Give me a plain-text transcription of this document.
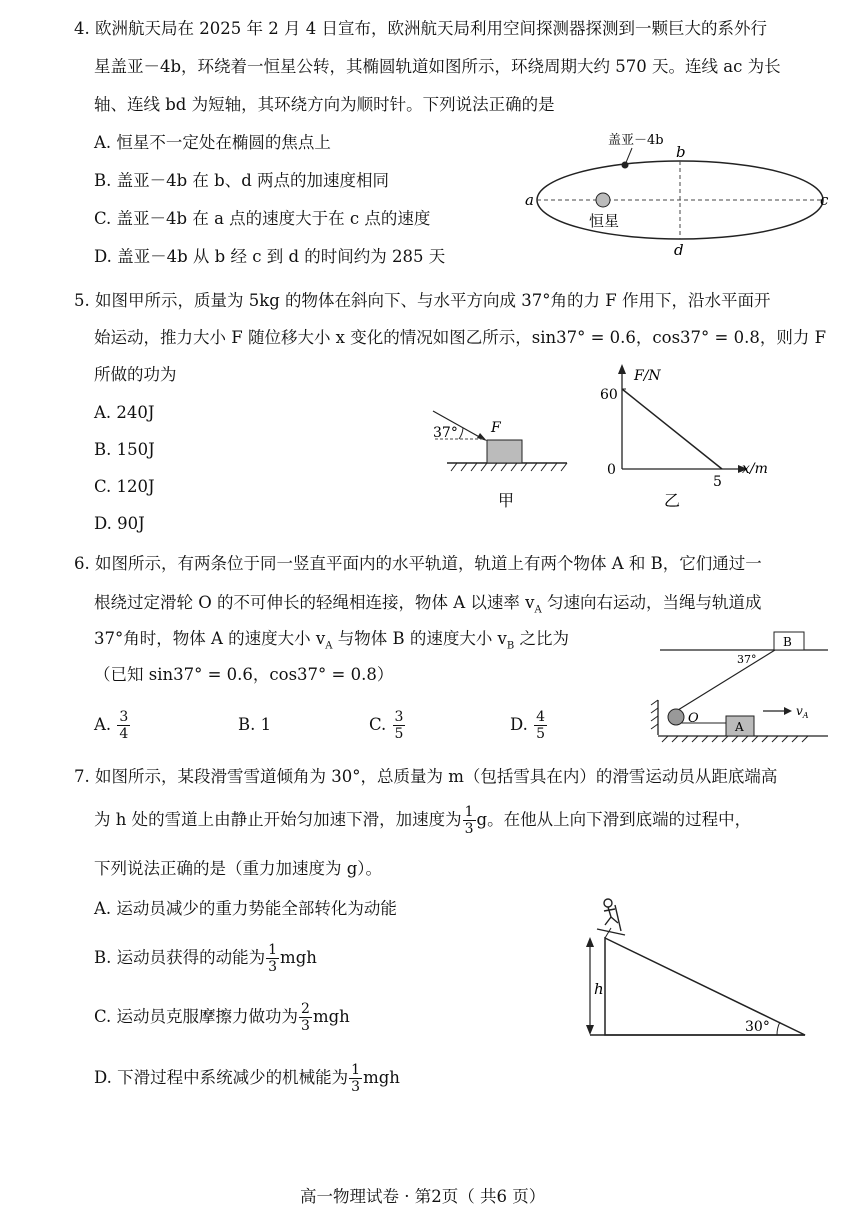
4. 欧洲航天局在 2025 年 2 月 4 日宣布，欧洲航天局利用空间探测器探测到一颗巨大的系外行
星盖亚－4b，环绕着一恒星公转，其椭圆轨道如图所示，环绕周期大约 570 天。连线 ac 为长
轴、连线 bd 为短轴，其环绕方向为顺时针。下列说法正确的是
A. 恒星不一定处在椭圆的焦点上
B. 盖亚－4b 在 b、d 两点的加速度相同
C. 盖亚－4b 在 a 点的速度大于在 c 点的速度
D. 盖亚－4b 从 b 经 c 到 d 的时间约为 285 天
盖亚－4b
b
a	c
d
恒星
5. 如图甲所示，质量为 5kg 的物体在斜向下、与水平方向成 37°角的力 F 作用下，沿水平面开
始运动，推力大小 F 随位移大小 x 变化的情况如图乙所示，sin37° = 0.6，cos37° = 0.8，则力 F
所做的功为
A. 240J
B. 150J
C. 120J
D. 90J
37° F
甲
F/N
x/m
60
0
5
乙
6. 如图所示，有两条位于同一竖直平面内的水平轨道，轨道上有两个物体 A 和 B，它们通过一
根绕过定滑轮 O 的不可伸长的轻绳相连接，物体 A 以速率 $v_A$ 匀速向右运动，当绳与轨道成
37°角时，物体 A 的速度大小 $v_A$ 与物体 B 的速度大小 $v_B$ 之比为
（已知 sin37° = 0.6，cos37° = 0.8）
A. $\frac{3}{4}$	B. 1	C. $\frac{3}{5}$	D. $\frac{4}{5}$
B
37°
O
A
$v_A$
7. 如图所示，某段滑雪雪道倾角为 30°，总质量为 m（包括雪具在内）的滑雪运动员从距底端高
为 h 处的雪道上由静止开始匀加速下滑，加速度为 $\frac{1}{3}$ g。在他从上向下滑到底端的过程中，
下列说法正确的是（重力加速度为 g）。
A. 运动员减少的重力势能全部转化为动能
B. 运动员获得的动能为 $\frac{1}{3}$ mgh
C. 运动员克服摩擦力做功为 $\frac{2}{3}$ mgh
D. 下滑过程中系统减少的机械能为 $\frac{1}{3}$ mgh
h
30°
高一物理试卷 · 第2页（ 共6 页）
